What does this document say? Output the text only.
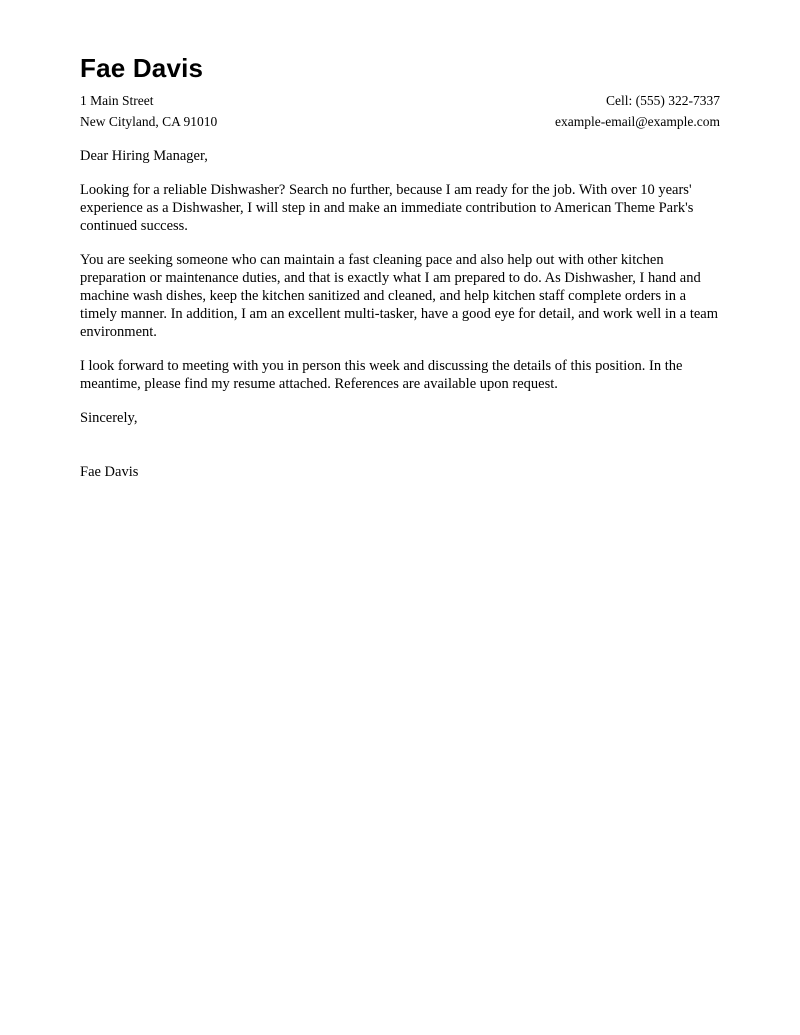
Fae Davis
1 Main Street	Cell: (555) 322-7337
New Cityland, CA 91010	example-email@example.com
Dear Hiring Manager,

Looking for a reliable Dishwasher? Search no further, because I am ready for the job. With over 10 years' experience as a Dishwasher, I will step in and make an immediate contribution to American Theme Park's continued success.

You are seeking someone who can maintain a fast cleaning pace and also help out with other kitchen preparation or maintenance duties, and that is exactly what I am prepared to do. As Dishwasher, I hand and machine wash dishes, keep the kitchen sanitized and cleaned, and help kitchen staff complete orders in a timely manner. In addition, I am an excellent multi-tasker, have a good eye for detail, and work well in a team environment.

I look forward to meeting with you in person this week and discussing the details of this position. In the meantime, please find my resume attached. References are available upon request.

Sincerely,
Fae Davis
